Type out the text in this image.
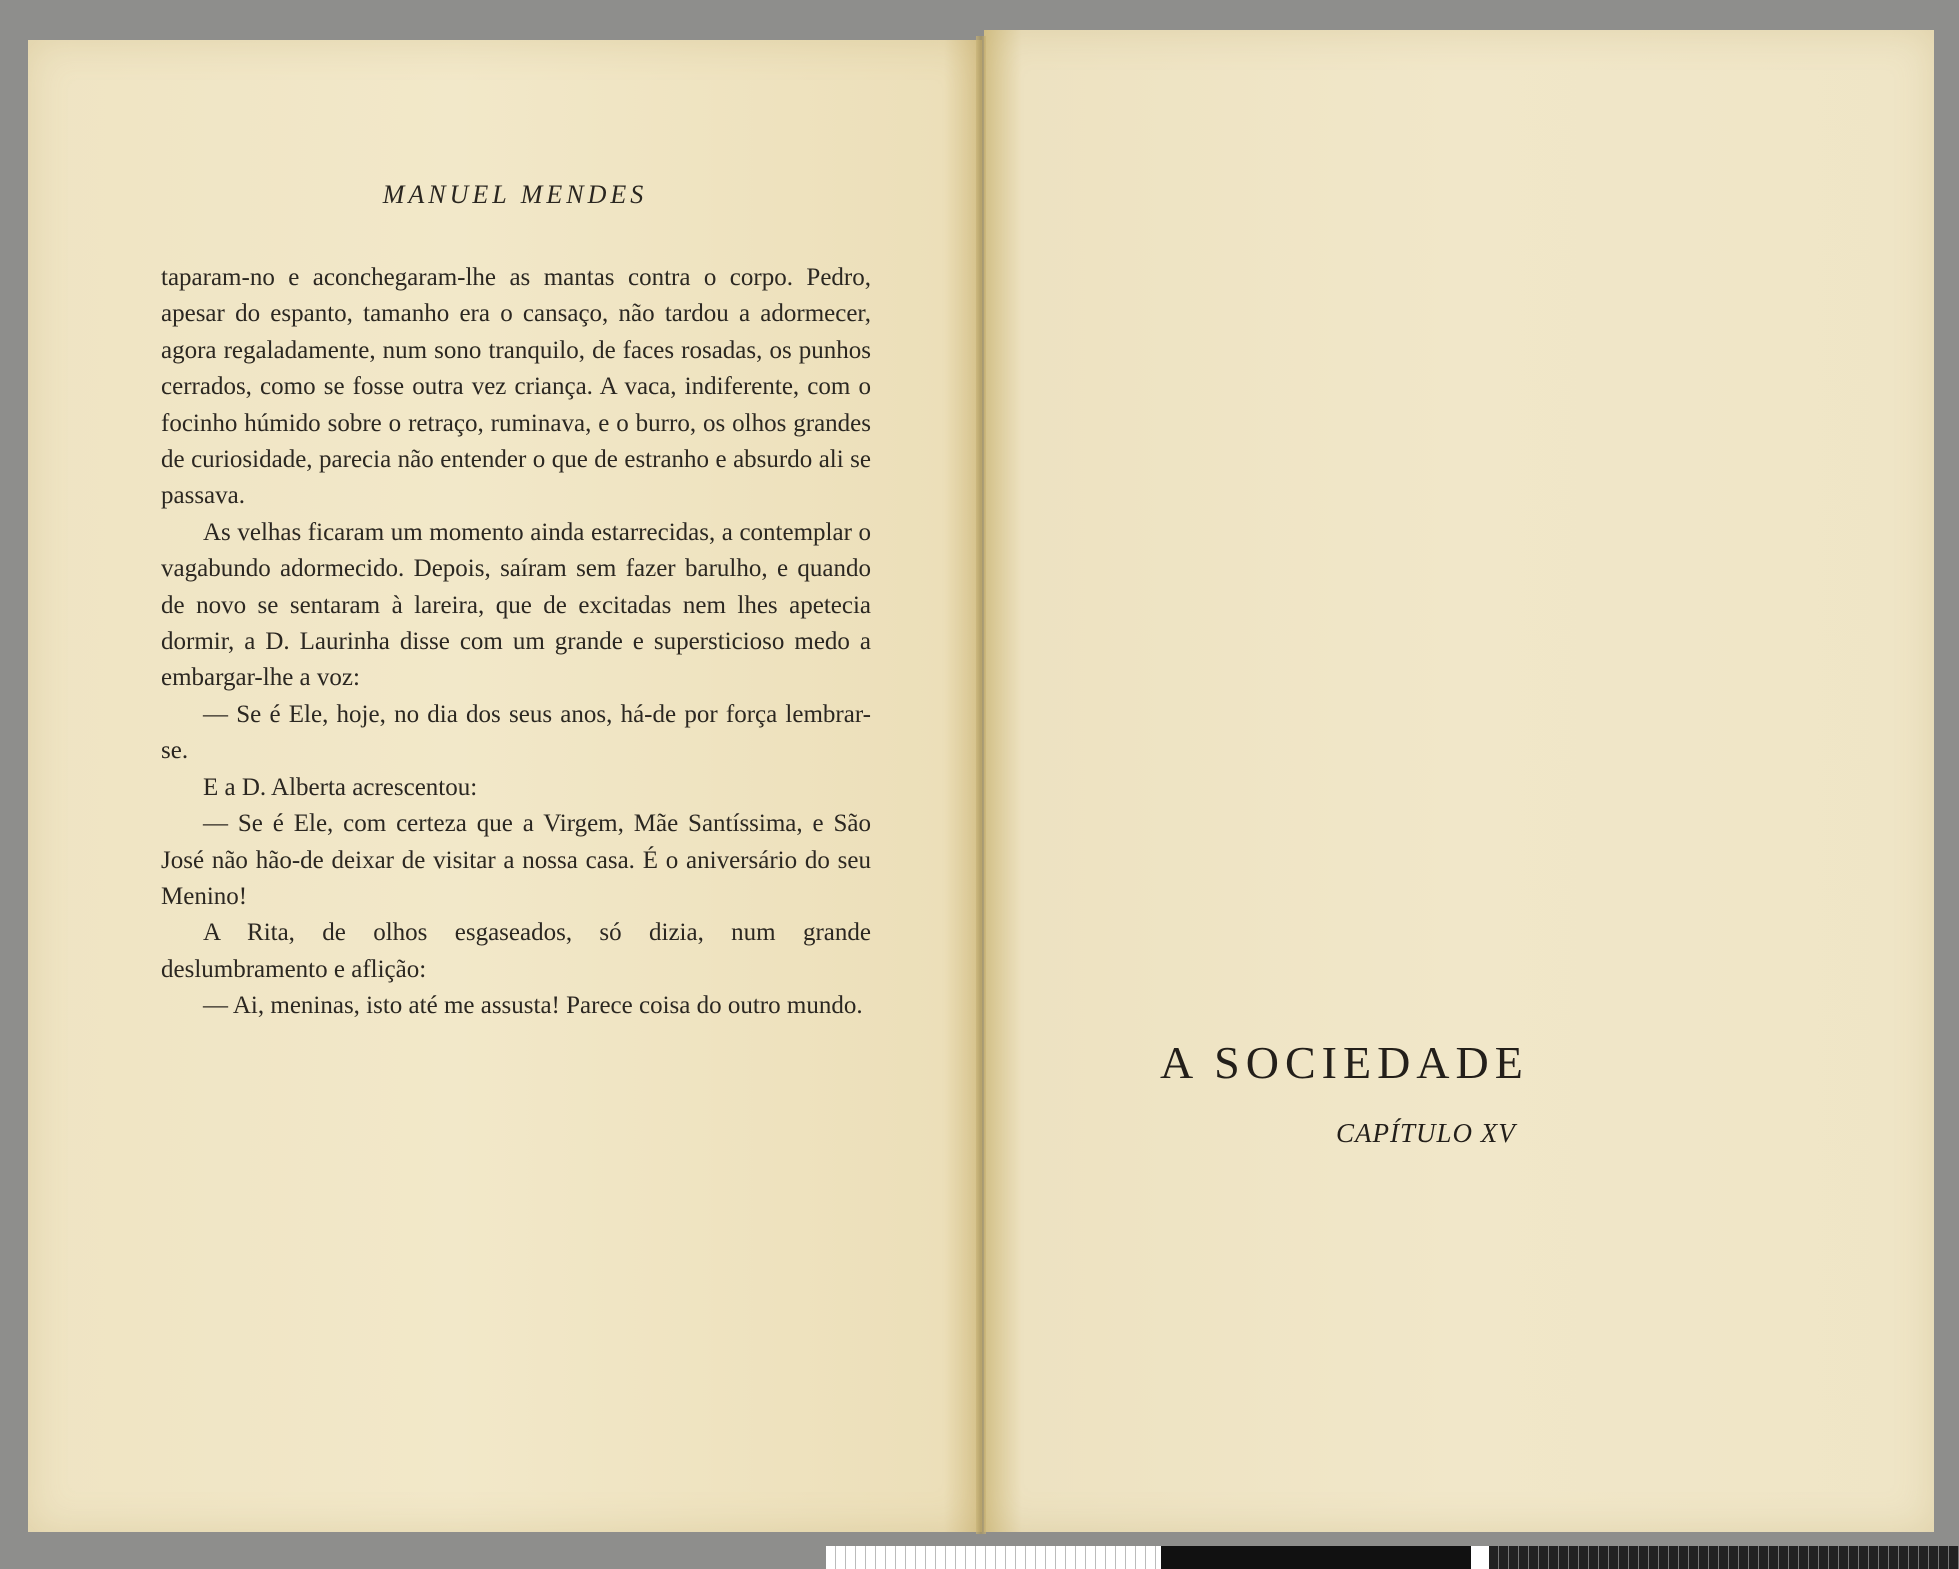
MANUEL MENDES

taparam-no e aconchegaram-lhe as mantas contra o corpo. Pedro, apesar do espanto, tamanho era o cansaço, não tardou a adormecer, agora regaladamente, num sono tranquilo, de faces rosadas, os punhos cerrados, como se fosse outra vez criança. A vaca, indiferente, com o focinho húmido sobre o retraço, ruminava, e o burro, os olhos grandes de curiosidade, parecia não entender o que de estranho e absurdo ali se passava.

As velhas ficaram um momento ainda estarrecidas, a contemplar o vagabundo adormecido. Depois, saíram sem fazer barulho, e quando de novo se sentaram à lareira, que de excitadas nem lhes apetecia dormir, a D. Laurinha disse com um grande e supersticioso medo a embargar-lhe a voz:

— Se é Ele, hoje, no dia dos seus anos, há-de por força lembrar-se.

E a D. Alberta acrescentou:

— Se é Ele, com certeza que a Virgem, Mãe Santíssima, e São José não hão-de deixar de visitar a nossa casa. É o aniversário do seu Menino!

A Rita, de olhos esgaseados, só dizia, num grande deslumbramento e aflição:

— Ai, meninas, isto até me assusta! Parece coisa do outro mundo.

A SOCIEDADE
CAPÍTULO XV
